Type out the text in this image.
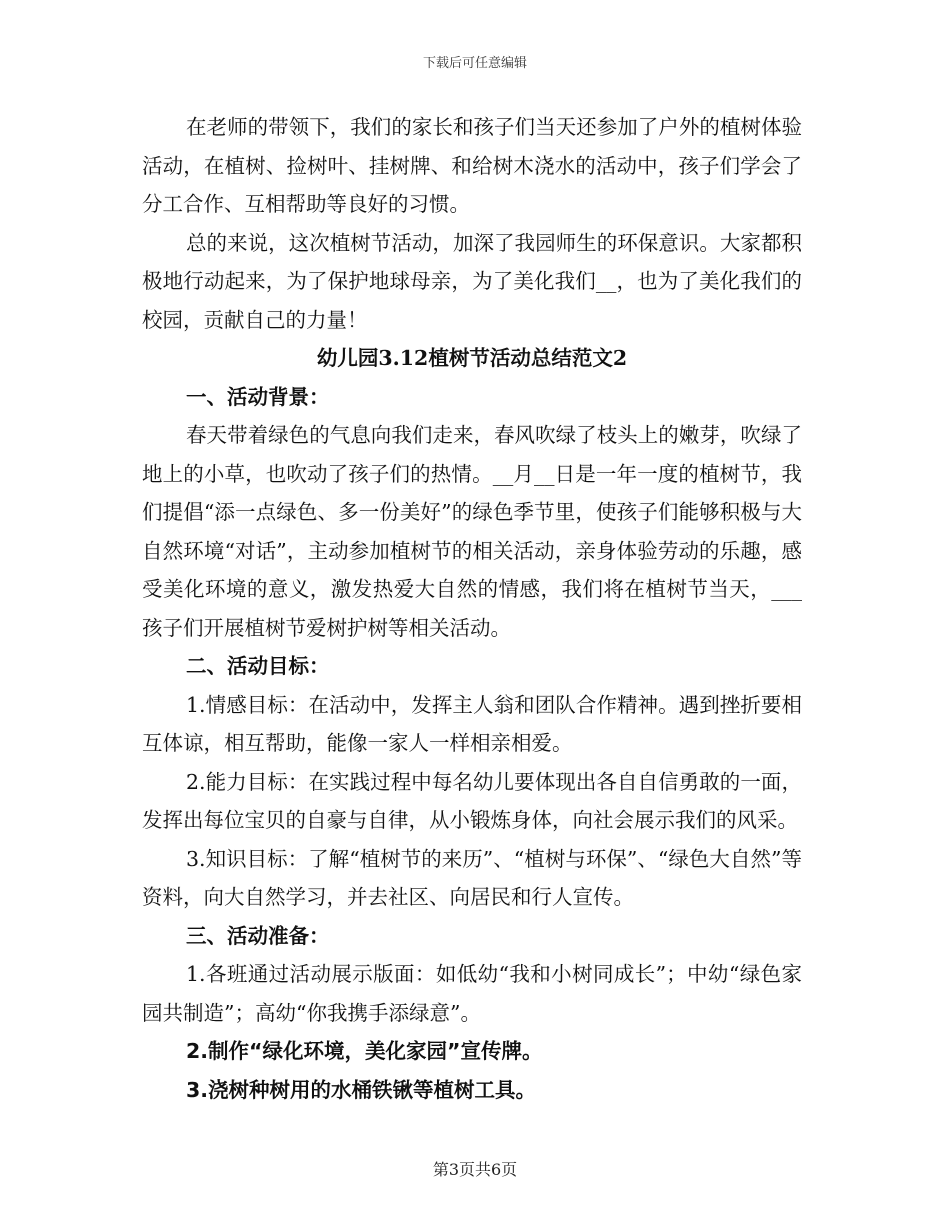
下载后可任意编辑

在老师的带领下，我们的家长和孩子们当天还参加了户外的植树体验活动，在植树、捡树叶、挂树牌、和给树木浇水的活动中，孩子们学会了分工合作、互相帮助等良好的习惯。

总的来说，这次植树节活动，加深了我园师生的环保意识。大家都积极地行动起来，为了保护地球母亲，为了美化我们__，也为了美化我们的校园，贡献自己的力量！

幼儿园3.12植树节活动总结范文2

一、活动背景：

春天带着绿色的气息向我们走来，春风吹绿了枝头上的嫩芽，吹绿了地上的小草，也吹动了孩子们的热情。__月__日是一年一度的植树节，我们提倡“添一点绿色、多一份美好”的绿色季节里，使孩子们能够积极与大自然环境“对话”，主动参加植树节的相关活动，亲身体验劳动的乐趣，感受美化环境的意义，激发热爱大自然的情感，我们将在植树节当天，___孩子们开展植树节爱树护树等相关活动。

二、活动目标：

1.情感目标：在活动中，发挥主人翁和团队合作精神。遇到挫折要相互体谅，相互帮助，能像一家人一样相亲相爱。

2.能力目标：在实践过程中每名幼儿要体现出各自自信勇敢的一面，发挥出每位宝贝的自豪与自律，从小锻炼身体，向社会展示我们的风采。

3.知识目标：了解“植树节的来历”、“植树与环保”、“绿色大自然”等资料，向大自然学习，并去社区、向居民和行人宣传。

三、活动准备：

1.各班通过活动展示版面：如低幼“我和小树同成长”；中幼“绿色家园共制造”；高幼“你我携手添绿意”。

2.制作“绿化环境，美化家园”宣传牌。

3.浇树种树用的水桶铁锹等植树工具。

第3页共6页
